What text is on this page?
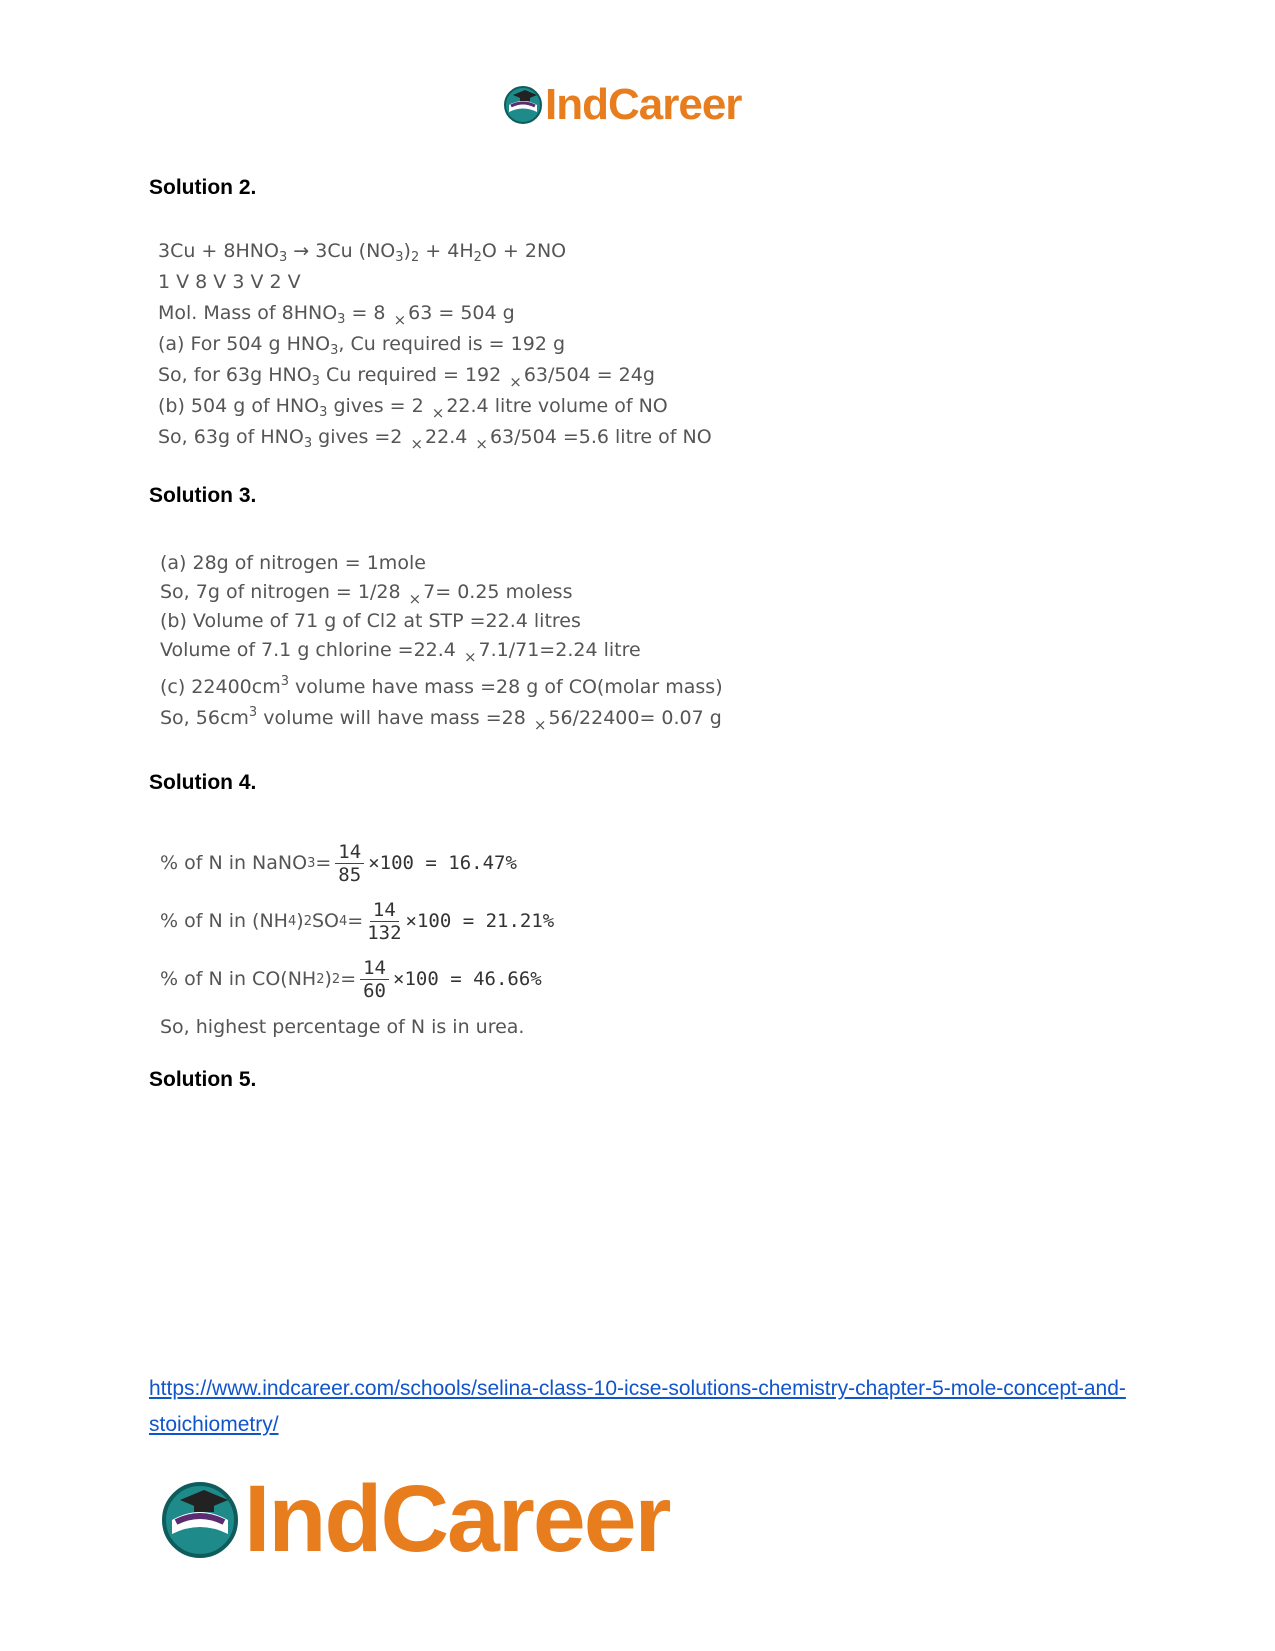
IndCareer
Solution 2.
$3Cu + 8HNO_3 \to 3Cu$ $(NO_3)_2 + 4H_2O + 2NO$
1 V 8 V 3 V 2 V
Mol. Mass of $8HNO_3 = 8$ $_\times$ 63 = 504 g
(a) For 504 g $HNO_3$, Cu required is = 192 g
So, for 63g $HNO_3$ Cu required = 192 $_\times$ 63/504 = 24g
(b) 504 g of $HNO_3$ gives = 2 $_\times$ 22.4 litre volume of NO
So, 63g of $HNO_3$ gives =2 $_\times$ 22.4 $_\times$ 63/504 =5.6 litre of NO
Solution 3.
(a) 28g of nitrogen = 1mole
So, 7g of nitrogen = 1/28 $_\times$ 7= 0.25 moless
(b) Volume of 71 g of Cl2 at STP =22.4 litres
Volume of 7.1 g chlorine =22.4 $_\times$ 7.1/71=2.24 litre
(c) $22400cm^3$ volume have mass =28 g of CO(molar mass)
So, $56cm^3$ volume will have mass =28 $_\times$ 56/22400= 0.07 g
Solution 4.
% of N in NaNO $3 = \frac{14}{85} \times 100 = 16.47\%$
% of N in (NH 4 ) 2 SO $4 = \frac{14}{132} \times 100 = 21.21\%$
% of N in CO(NH 2 ) $2 = \frac{14}{60} \times 100 = 46.66\%$
So, highest percentage of N is in urea.
Solution 5.
https://www.indcareer.com/schools/selina-class-10-icse-solutions-chemistry-chapter-5-mole-concept-and-stoichiometry/
IndCareer
